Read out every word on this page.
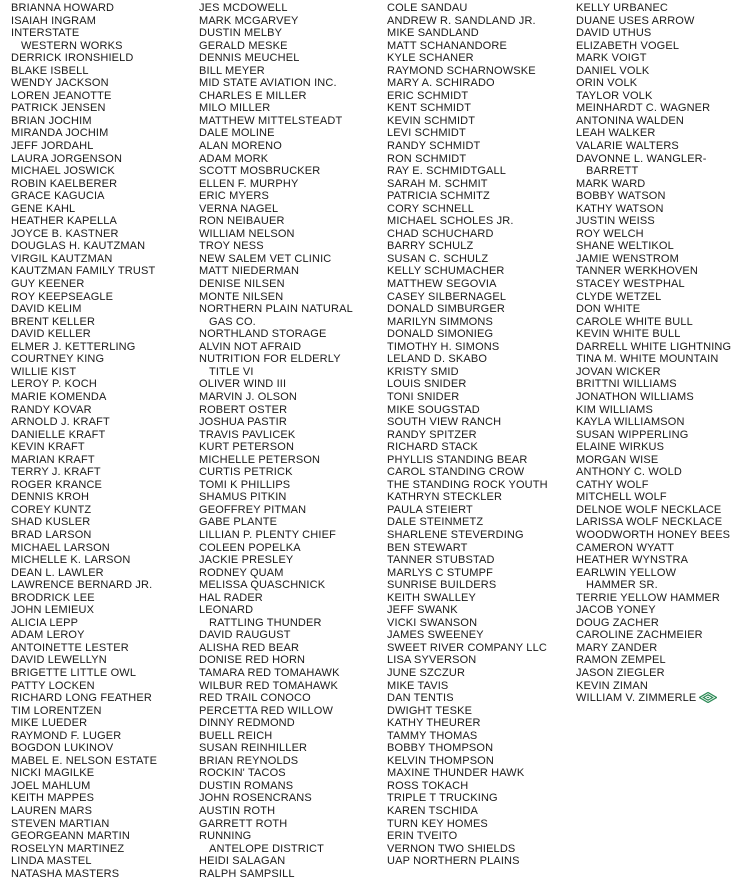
BRIANNA HOWARD
ISAIAH INGRAM
INTERSTATE
WESTERN WORKS
DERRICK IRONSHIELD
BLAKE ISBELL
WENDY JACKSON
LOREN JEANOTTE
PATRICK JENSEN
BRIAN JOCHIM
MIRANDA JOCHIM
JEFF JORDAHL
LAURA JORGENSON
MICHAEL JOSWICK
ROBIN KAELBERER
GRACE KAGUCIA
GENE KAHL
HEATHER KAPELLA
JOYCE B. KASTNER
DOUGLAS H. KAUTZMAN
VIRGIL KAUTZMAN
KAUTZMAN FAMILY TRUST
GUY KEENER
ROY KEEPSEAGLE
DAVID KELIM
BRENT KELLER
DAVID KELLER
ELMER J. KETTERLING
COURTNEY KING
WILLIE KIST
LEROY P. KOCH
MARIE KOMENDA
RANDY KOVAR
ARNOLD J. KRAFT
DANIELLE KRAFT
KEVIN KRAFT
MARIAN KRAFT
TERRY J. KRAFT
ROGER KRANCE
DENNIS KROH
COREY KUNTZ
SHAD KUSLER
BRAD LARSON
MICHAEL LARSON
MICHELLE K. LARSON
DEAN L. LAWLER
LAWRENCE BERNARD JR.
BRODRICK LEE
JOHN LEMIEUX
ALICIA LEPP
ADAM LEROY
ANTOINETTE LESTER
DAVID LEWELLYN
BRIGETTE LITTLE OWL
PATTY LOCKEN
RICHARD LONG FEATHER
TIM LORENTZEN
MIKE LUEDER
RAYMOND F. LUGER
BOGDON LUKINOV
MABEL E. NELSON ESTATE
NICKI MAGILKE
JOEL MAHLUM
KEITH MAPPES
LAUREN MARS
STEVEN MARTIAN
GEORGEANN MARTIN
ROSELYN MARTINEZ
LINDA MASTEL
NATASHA MASTERS
JES MCDOWELL
MARK MCGARVEY
DUSTIN MELBY
GERALD MESKE
DENNIS MEUCHEL
BILL MEYER
MID STATE AVIATION INC.
CHARLES E MILLER
MILO MILLER
MATTHEW MITTELSTEADT
DALE MOLINE
ALAN MORENO
ADAM MORK
SCOTT MOSBRUCKER
ELLEN F. MURPHY
ERIC MYERS
VERNA NAGEL
RON NEIBAUER
WILLIAM NELSON
TROY NESS
NEW SALEM VET CLINIC
MATT NIEDERMAN
DENISE NILSEN
MONTE NILSEN
NORTHERN PLAIN NATURAL
GAS CO.
NORTHLAND STORAGE
ALVIN NOT AFRAID
NUTRITION FOR ELDERLY
TITLE VI
OLIVER WIND III
MARVIN J. OLSON
ROBERT OSTER
JOSHUA PASTIR
TRAVIS PAVLICEK
KURT PETERSON
MICHELLE PETERSON
CURTIS PETRICK
TOMI K PHILLIPS
SHAMUS PITKIN
GEOFFREY PITMAN
GABE PLANTE
LILLIAN P. PLENTY CHIEF
COLEEN POPELKA
JACKIE PRESLEY
RODNEY QUAM
MELISSA QUASCHNICK
HAL RADER
LEONARD
RATTLING THUNDER
DAVID RAUGUST
ALISHA RED BEAR
DONISE RED HORN
TAMARA RED TOMAHAWK
WILBUR RED TOMAHAWK
RED TRAIL CONOCO
PERCETTA RED WILLOW
DINNY REDMOND
BUELL REICH
SUSAN REINHILLER
BRIAN REYNOLDS
ROCKIN' TACOS
DUSTIN ROMANS
JOHN ROSENCRANS
AUSTIN ROTH
GARRETT ROTH
RUNNING
ANTELOPE DISTRICT
HEIDI SALAGAN
RALPH SAMPSILL
COLE SANDAU
ANDREW R. SANDLAND JR.
MIKE SANDLAND
MATT SCHANANDORE
KYLE SCHANER
RAYMOND SCHARNOWSKE
MARY A. SCHIRADO
ERIC SCHMIDT
KENT SCHMIDT
KEVIN SCHMIDT
LEVI SCHMIDT
RANDY SCHMIDT
RON SCHMIDT
RAY E. SCHMIDTGALL
SARAH M. SCHMIT
PATRICIA SCHMITZ
CORY SCHNELL
MICHAEL SCHOLES JR.
CHAD SCHUCHARD
BARRY SCHULZ
SUSAN C. SCHULZ
KELLY SCHUMACHER
MATTHEW SEGOVIA
CASEY SILBERNAGEL
DONALD SIMBURGER
MARILYN SIMMONS
DONALD SIMONIEG
TIMOTHY H. SIMONS
LELAND D. SKABO
KRISTY SMID
LOUIS SNIDER
TONI SNIDER
MIKE SOUGSTAD
SOUTH VIEW RANCH
RANDY SPITZER
RICHARD STACK
PHYLLIS STANDING BEAR
CAROL STANDING CROW
THE STANDING ROCK YOUTH
KATHRYN STECKLER
PAULA STEIERT
DALE STEINMETZ
SHARLENE STEVERDING
BEN STEWART
TANNER STUBSTAD
MARLYS C STUMPF
SUNRISE BUILDERS
KEITH SWALLEY
JEFF SWANK
VICKI SWANSON
JAMES SWEENEY
SWEET RIVER COMPANY LLC
LISA SYVERSON
JUNE SZCZUR
MIKE TAVIS
DAN TENTIS
DWIGHT TESKE
KATHY THEURER
TAMMY THOMAS
BOBBY THOMPSON
KELVIN THOMPSON
MAXINE THUNDER HAWK
ROSS TOKACH
TRIPLE T TRUCKING
KAREN TSCHIDA
TURN KEY HOMES
ERIN TVEITO
VERNON TWO SHIELDS
UAP NORTHERN PLAINS
KELLY URBANEC
DUANE USES ARROW
DAVID UTHUS
ELIZABETH VOGEL
MARK VOIGT
DANIEL VOLK
ORIN VOLK
TAYLOR VOLK
MEINHARDT C. WAGNER
ANTONINA WALDEN
LEAH WALKER
VALARIE WALTERS
DAVONNE L. WANGLER-
BARRETT
MARK WARD
BOBBY WATSON
KATHY WATSON
JUSTIN WEISS
ROY WELCH
SHANE WELTIKOL
JAMIE WENSTROM
TANNER WERKHOVEN
STACEY WESTPHAL
CLYDE WETZEL
DON WHITE
CAROLE WHITE BULL
KEVIN WHITE BULL
DARRELL WHITE LIGHTNING
TINA M. WHITE MOUNTAIN
JOVAN WICKER
BRITTNI WILLIAMS
JONATHON WILLIAMS
KIM WILLIAMS
KAYLA WILLIAMSON
SUSAN WIPPERLING
ELAINE WIRKUS
MORGAN WISE
ANTHONY C. WOLD
CATHY WOLF
MITCHELL WOLF
DELNOE WOLF NECKLACE
LARISSA WOLF NECKLACE
WOODWORTH HONEY BEES
CAMERON WYATT
HEATHER WYNSTRA
EARLWIN YELLOW
HAMMER SR.
TERRIE YELLOW HAMMER
JACOB YONEY
DOUG ZACHER
CAROLINE ZACHMEIER
MARY ZANDER
RAMON ZEMPEL
JASON ZIEGLER
KEVIN ZIMAN
WILLIAM V. ZIMMERLE
